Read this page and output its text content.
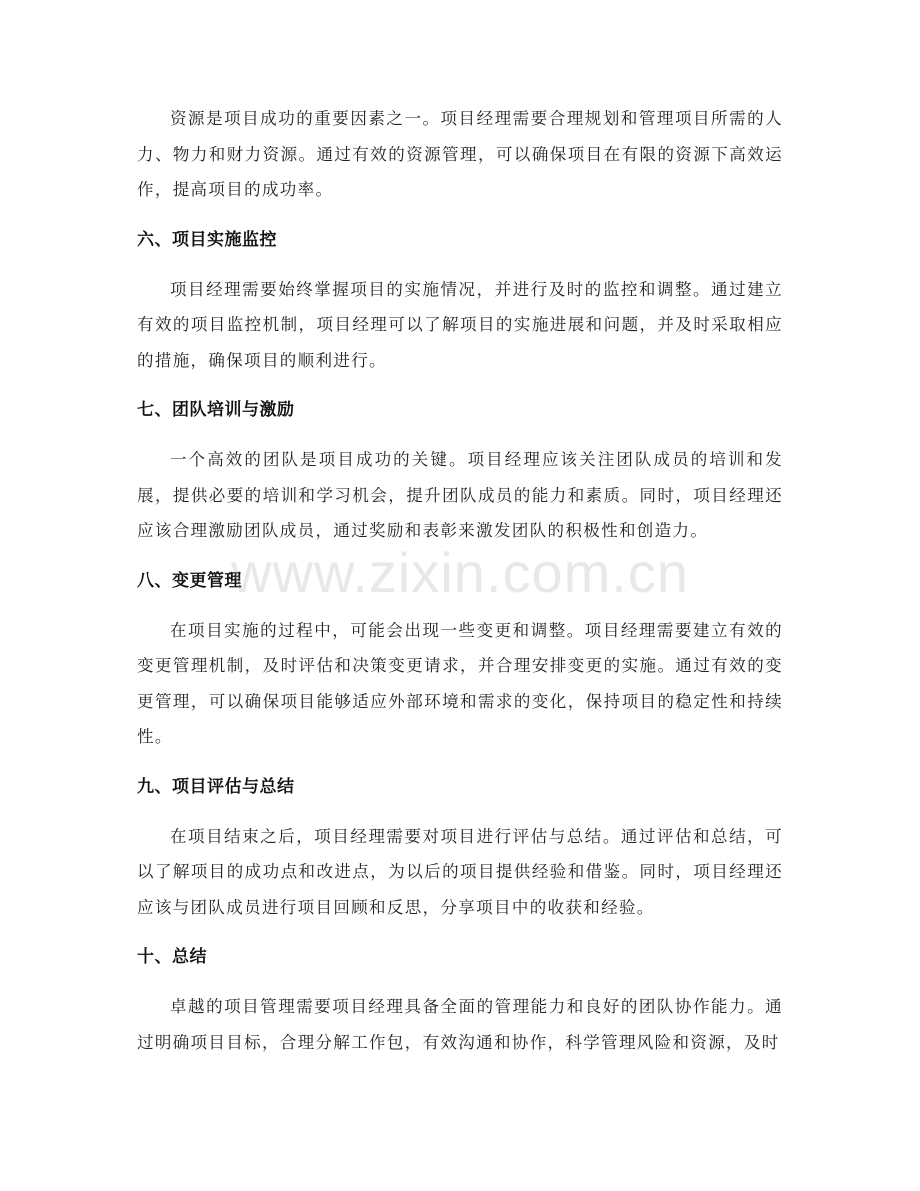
资源是项目成功的重要因素之一。项目经理需要合理规划和管理项目所需的人力、物力和财力资源。通过有效的资源管理，可以确保项目在有限的资源下高效运作，提高项目的成功率。

六、项目实施监控

项目经理需要始终掌握项目的实施情况，并进行及时的监控和调整。通过建立有效的项目监控机制，项目经理可以了解项目的实施进展和问题，并及时采取相应的措施，确保项目的顺利进行。

七、团队培训与激励

一个高效的团队是项目成功的关键。项目经理应该关注团队成员的培训和发展，提供必要的培训和学习机会，提升团队成员的能力和素质。同时，项目经理还应该合理激励团队成员，通过奖励和表彰来激发团队的积极性和创造力。

八、变更管理

在项目实施的过程中，可能会出现一些变更和调整。项目经理需要建立有效的变更管理机制，及时评估和决策变更请求，并合理安排变更的实施。通过有效的变更管理，可以确保项目能够适应外部环境和需求的变化，保持项目的稳定性和持续性。

九、项目评估与总结

在项目结束之后，项目经理需要对项目进行评估与总结。通过评估和总结，可以了解项目的成功点和改进点，为以后的项目提供经验和借鉴。同时，项目经理还应该与团队成员进行项目回顾和反思，分享项目中的收获和经验。

十、总结

卓越的项目管理需要项目经理具备全面的管理能力和良好的团队协作能力。通过明确项目目标，合理分解工作包，有效沟通和协作，科学管理风险和资源，及时

www.zixin.com.cn
